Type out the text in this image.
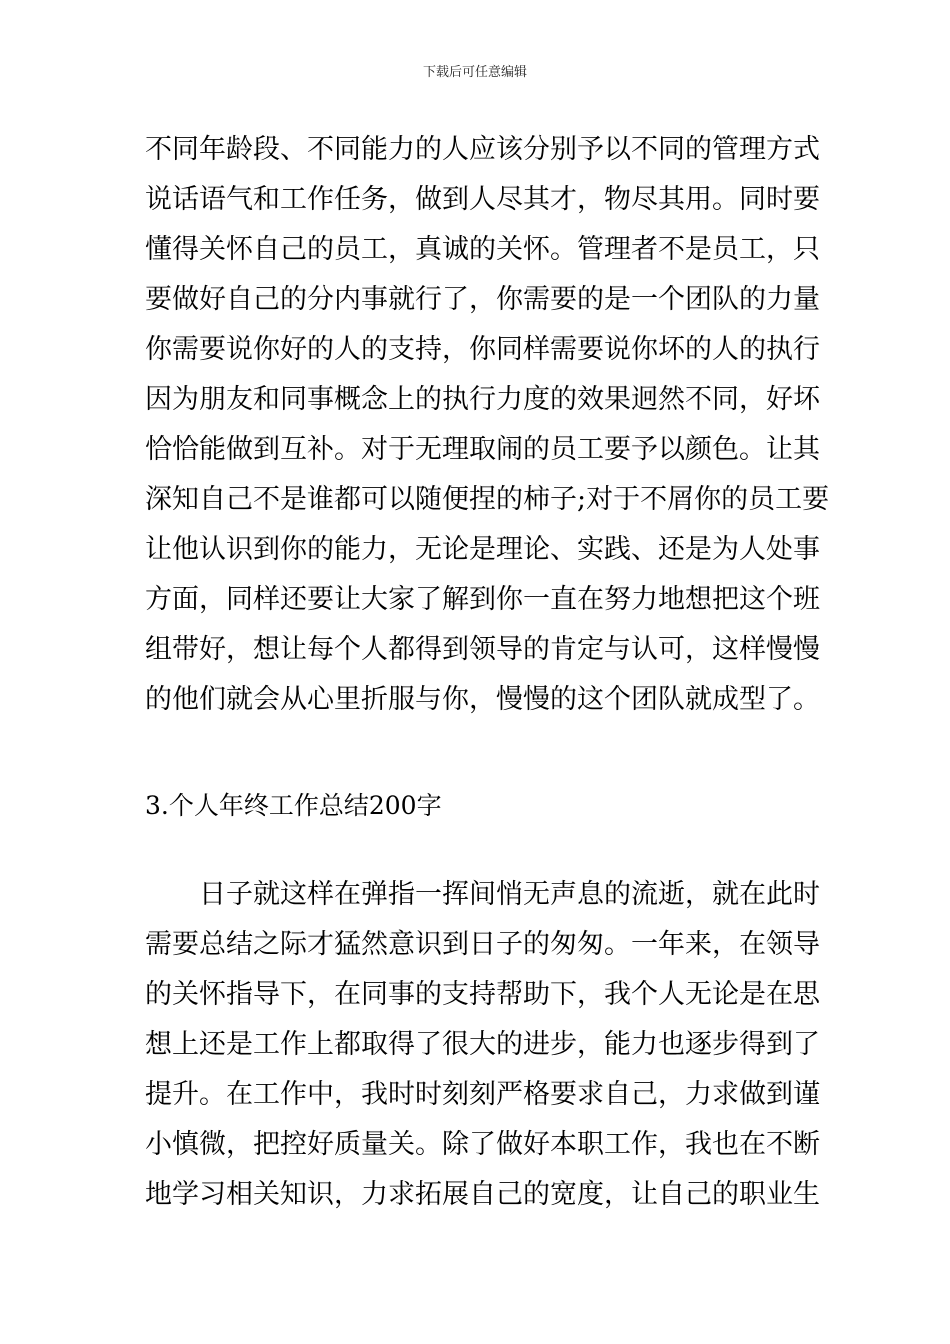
下载后可任意编辑
不同年龄段、不同能力的人应该分别予以不同的管理方式
说话语气和工作任务，做到人尽其才，物尽其用。同时要
懂得关怀自己的员工，真诚的关怀。管理者不是员工，只
要做好自己的分内事就行了，你需要的是一个团队的力量
你需要说你好的人的支持，你同样需要说你坏的人的执行
因为朋友和同事概念上的执行力度的效果迥然不同，好坏
恰恰能做到互补。对于无理取闹的员工要予以颜色。让其
深知自己不是谁都可以随便捏的柿子;对于不屑你的员工要
让他认识到你的能力，无论是理论、实践、还是为人处事
方面，同样还要让大家了解到你一直在努力地想把这个班
组带好，想让每个人都得到领导的肯定与认可，这样慢慢
的他们就会从心里折服与你，慢慢的这个团队就成型了。
3.个人年终工作总结200字
　　日子就这样在弹指一挥间悄无声息的流逝，就在此时
需要总结之际才猛然意识到日子的匆匆。一年来，在领导
的关怀指导下，在同事的支持帮助下，我个人无论是在思
想上还是工作上都取得了很大的进步，能力也逐步得到了
提升。在工作中，我时时刻刻严格要求自己，力求做到谨
小慎微，把控好质量关。除了做好本职工作，我也在不断
地学习相关知识，力求拓展自己的宽度，让自己的职业生
